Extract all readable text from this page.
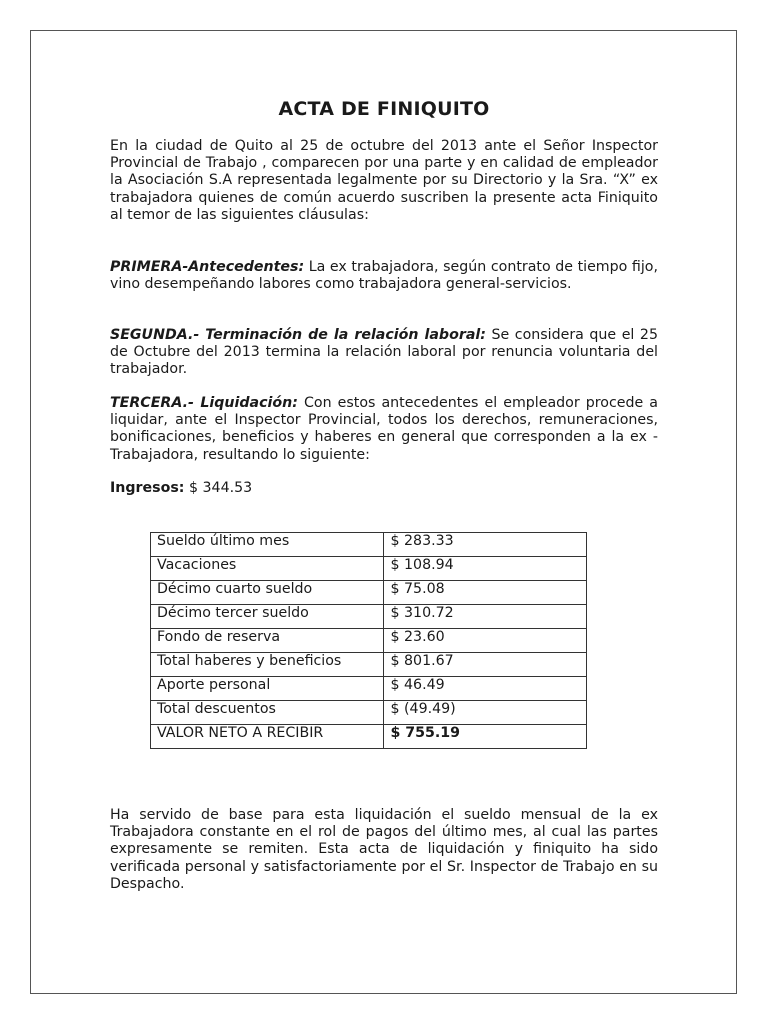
ACTA DE FINIQUITO

En la ciudad de Quito al 25 de octubre del 2013 ante el Señor Inspector Provincial de Trabajo , comparecen por una parte y en calidad de empleador la Asociación S.A representada legalmente por su Directorio y la Sra. “X” ex trabajadora quienes de común acuerdo suscriben la presente acta Finiquito al temor de las siguientes cláusulas:

PRIMERA-Antecedentes: La ex trabajadora, según contrato de tiempo fijo, vino desempeñando labores como trabajadora general-servicios.

SEGUNDA.- Terminación de la relación laboral: Se considera que el 25 de Octubre del 2013 termina la relación laboral por renuncia voluntaria del trabajador.

TERCERA.- Liquidación: Con estos antecedentes el empleador procede a liquidar, ante el Inspector Provincial, todos los derechos, remuneraciones, bonificaciones, beneficios y haberes en general que corresponden a la ex - Trabajadora, resultando lo siguiente:

Ingresos: $ 344.53

Sueldo último mes	$ 283.33
Vacaciones	$ 108.94
Décimo cuarto sueldo	$ 75.08
Décimo tercer sueldo	$ 310.72
Fondo de reserva	$ 23.60
Total haberes y beneficios	$ 801.67
Aporte personal	$ 46.49
Total descuentos	$ (49.49)
VALOR NETO A RECIBIR	$ 755.19

Ha servido de base para esta liquidación el sueldo mensual de la ex Trabajadora constante en el rol de pagos del último mes, al cual las partes expresamente se remiten. Esta acta de liquidación y finiquito ha sido verificada personal y satisfactoriamente por el Sr. Inspector de Trabajo en su Despacho.
